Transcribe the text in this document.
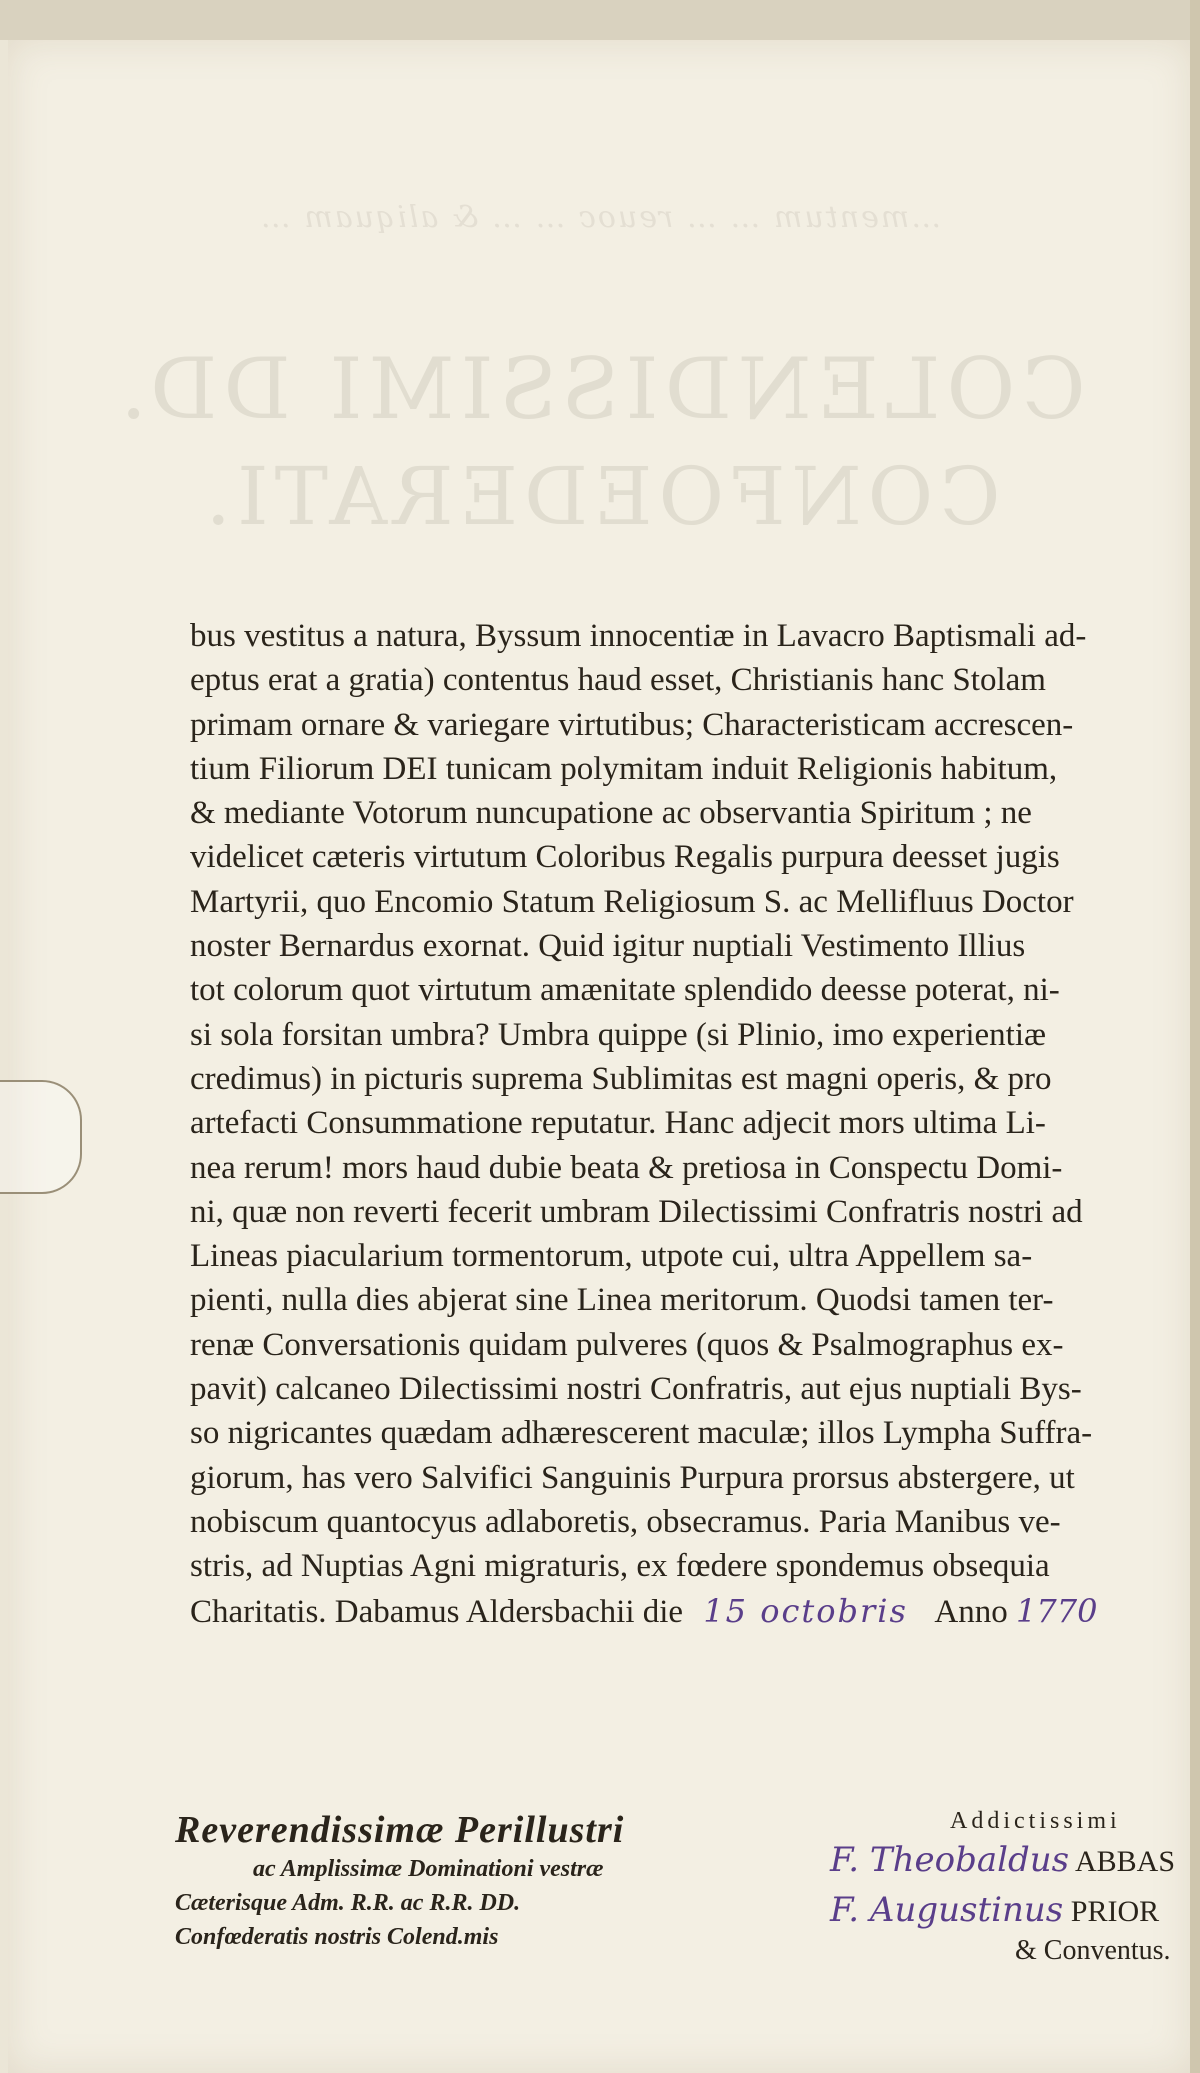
…mentum … … reuoc … … & aliquam …
COLENDISSIMI DD.
CONFOEDERATI.
bus vestitus a natura, Byssum innocentiæ in Lavacro Baptismali ad-
eptus erat a gratia) contentus haud esset, Christianis hanc Stolam
primam ornare & variegare virtutibus; Characteristicam accrescen-
tium Filiorum DEI tunicam polymitam induit Religionis habitum,
& mediante Votorum nuncupatione ac observantia Spiritum ; ne
videlicet cæteris virtutum Coloribus Regalis purpura deesset jugis
Martyrii, quo Encomio Statum Religiosum S. ac Mellifluus Doctor
noster Bernardus exornat. Quid igitur nuptiali Vestimento Illius
tot colorum quot virtutum amænitate splendido deesse poterat, ni-
si sola forsitan umbra? Umbra quippe (si Plinio, imo experientiæ
credimus) in picturis suprema Sublimitas est magni operis, & pro
artefacti Consummatione reputatur. Hanc adjecit mors ultima Li-
nea rerum! mors haud dubie beata & pretiosa in Conspectu Domi-
ni, quæ non reverti fecerit umbram Dilectissimi Confratris nostri ad
Lineas piacularium tormentorum, utpote cui, ultra Appellem sa-
pienti, nulla dies abjerat sine Linea meritorum. Quodsi tamen ter-
renæ Conversationis quidam pulveres (quos & Psalmographus ex-
pavit) calcaneo Dilectissimi nostri Confratris, aut ejus nuptiali Bys-
so nigricantes quædam adhærescerent maculæ; illos Lympha Suffra-
giorum, has vero Salvifici Sanguinis Purpura prorsus abstergere, ut
nobiscum quantocyus adlaboretis, obsecramus. Paria Manibus ve-
stris, ad Nuptias Agni migraturis, ex fœdere spondemus obsequia
Charitatis. Dabamus Aldersbachii die 15 octobris Anno 1770
Reverendissimæ Perillustri
ac Amplissimæ Dominationi vestræ
Cæterisque Adm. R.R. ac R.R. DD.
Confœderatis nostris Colend.mis
Addictissimi
F. Theobaldus ABBAS
F. Augustinus PRIOR
& Conventus.
